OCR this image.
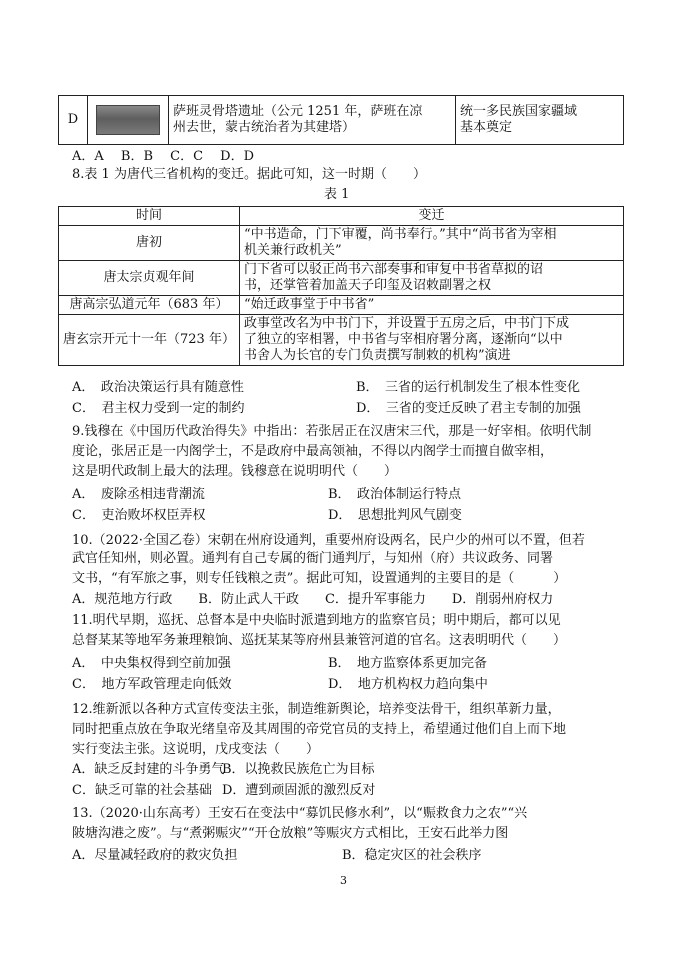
D	

萨班灵骨塔遗址（公元 1251 年，萨班在凉
州去世，蒙古统治者为其建塔）

统一多民族国家疆域
基本奠定
A．A　 B．B　 C．C　 D．D
8.表 1 为唐代三省机构的变迁。据此可知，这一时期（　　）
表 1
时间	变迁
唐初	“中书造命，门下审覆，尚书奉行。”其中“尚书省为宰相
机关兼行政机关”

唐太宗贞观年间	门下省可以驳正尚书六部奏事和审复中书省草拟的诏
书，还掌管着加盖天子印玺及诏敕副署之权

唐高宗弘道元年（683 年）	“始迁政事堂于中书省”

唐玄宗开元十一年（723 年）	政事堂改名为中书门下，并设置于五房之后，中书门下成
了独立的宰相署，中书省与宰相府署分离，逐渐向“以中
书舍人为长官的专门负责撰写制敕的机构”演进
A．　政治决策运行具有随意性	B．　三省的运行机制发生了根本性变化
C．　君主权力受到一定的制约	D．　三省的变迁反映了君主专制的加强
9.钱穆在《中国历代政治得失》中指出：若张居正在汉唐宋三代，那是一好宰相。依明代制
度论，张居正是一内阁学士，不是政府中最高领袖，不得以内阁学士而擅自做宰相，
这是明代政制上最大的法理。钱穆意在说明明代（　　）
A．　废除丞相违背潮流	B．　政治体制运行特点
C．　吏治败坏权臣弄权	D．　思想批判风气剧变
10.（2022·全国乙卷）宋朝在州府设通判，重要州府设两名，民户少的州可以不置，但若
武官任知州，则必置。通判有自己专属的衙门通判厅，与知州（府）共议政务、同署
文书，“有军旅之事，则专任钱粮之责”。据此可知，设置通判的主要目的是（　　　）
A．规范地方行政　　B．防止武人干政　　C．提升军事能力　　D．削弱州府权力
11.明代早期，巡抚、总督本是中央临时派遣到地方的监察官员；明中期后，都可以见
总督某某等地军务兼理粮饷、巡抚某某等府州县兼管河道的官名。这表明明代（　　）
A．　中央集权得到空前加强	B．　地方监察体系更加完备
C．　地方军政管理走向低效	D．　地方机构权力趋向集中
12.维新派以各种方式宣传变法主张，制造维新舆论，培养变法骨干，组织革新力量，
同时把重点放在争取光绪皇帝及其周围的帝党官员的支持上，希望通过他们自上而下地
实行变法主张。这说明，戊戌变法（　　）
A．缺乏反封建的斗争勇气
B．以挽救民族危亡为目标
C．缺乏可靠的社会基础 D．遭到顽固派的激烈反对
13.（2020·山东高考）王安石在变法中“募饥民修水利”，以“赈救食力之农”“兴
陂塘沟港之废”。与“煮粥赈灾”“开仓放粮”等赈灾方式相比，王安石此举力图
A．尽量减轻政府的救灾负担	B．稳定灾区的社会秩序
3
